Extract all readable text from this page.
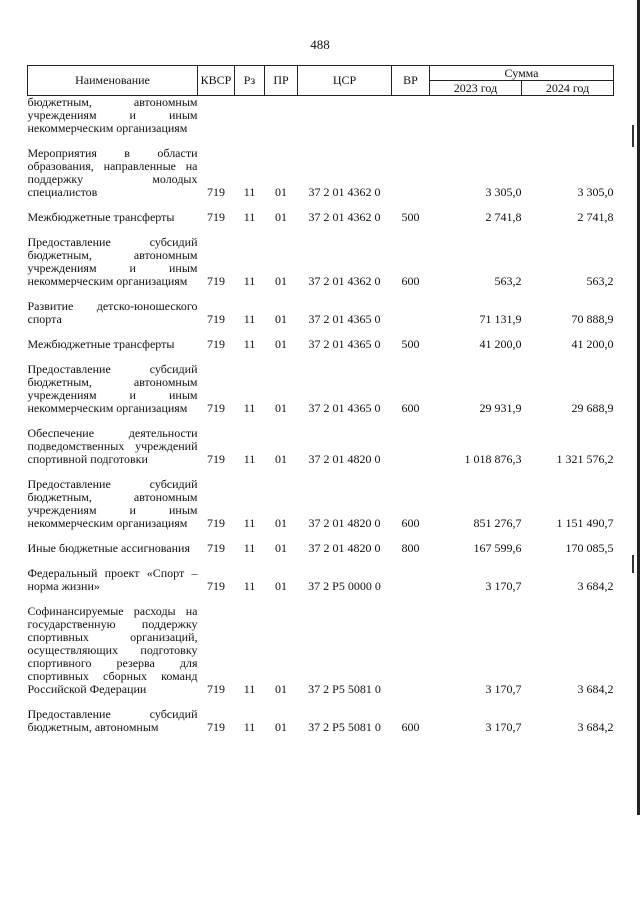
488
Наименование	КВСР	Рз	ПР	ЦСР	ВР	Сумма	
						2023 год	2024 год
бюджетным, автономным учреждениям и иным некоммерческим организациям							

Мероприятия в области образования, направленные на поддержку молодых специалистов	719	11	01	37 2 01 4362 0		3 305,0	3 305,0

Межбюджетные трансферты	719	11	01	37 2 01 4362 0	500	2 741,8	2 741,8

Предоставление субсидий бюджетным, автономным учреждениям и иным некоммерческим организациям	719	11	01	37 2 01 4362 0	600	563,2	563,2

Развитие детско-юношеского спорта	719	11	01	37 2 01 4365 0		71 131,9	70 888,9

Межбюджетные трансферты	719	11	01	37 2 01 4365 0	500	41 200,0	41 200,0

Предоставление субсидий бюджетным, автономным учреждениям и иным некоммерческим организациям	719	11	01	37 2 01 4365 0	600	29 931,9	29 688,9

Обеспечение деятельности подведомственных учреждений спортивной подготовки	719	11	01	37 2 01 4820 0		1 018 876,3	1 321 576,2

Предоставление субсидий бюджетным, автономным учреждениям и иным некоммерческим организациям	719	11	01	37 2 01 4820 0	600	851 276,7	1 151 490,7

Иные бюджетные ассигнования	719	11	01	37 2 01 4820 0	800	167 599,6	170 085,5

Федеральный проект «Спорт – норма жизни»	719	11	01	37 2 P5 0000 0		3 170,7	3 684,2

Софинансируемые расходы на государственную поддержку спортивных организаций, осуществляющих подготовку спортивного резерва для спортивных сборных команд Российской Федерации	719	11	01	37 2 P5 5081 0		3 170,7	3 684,2

Предоставление субсидий бюджетным, автономным	719	11	01	37 2 P5 5081 0	600	3 170,7	3 684,2
